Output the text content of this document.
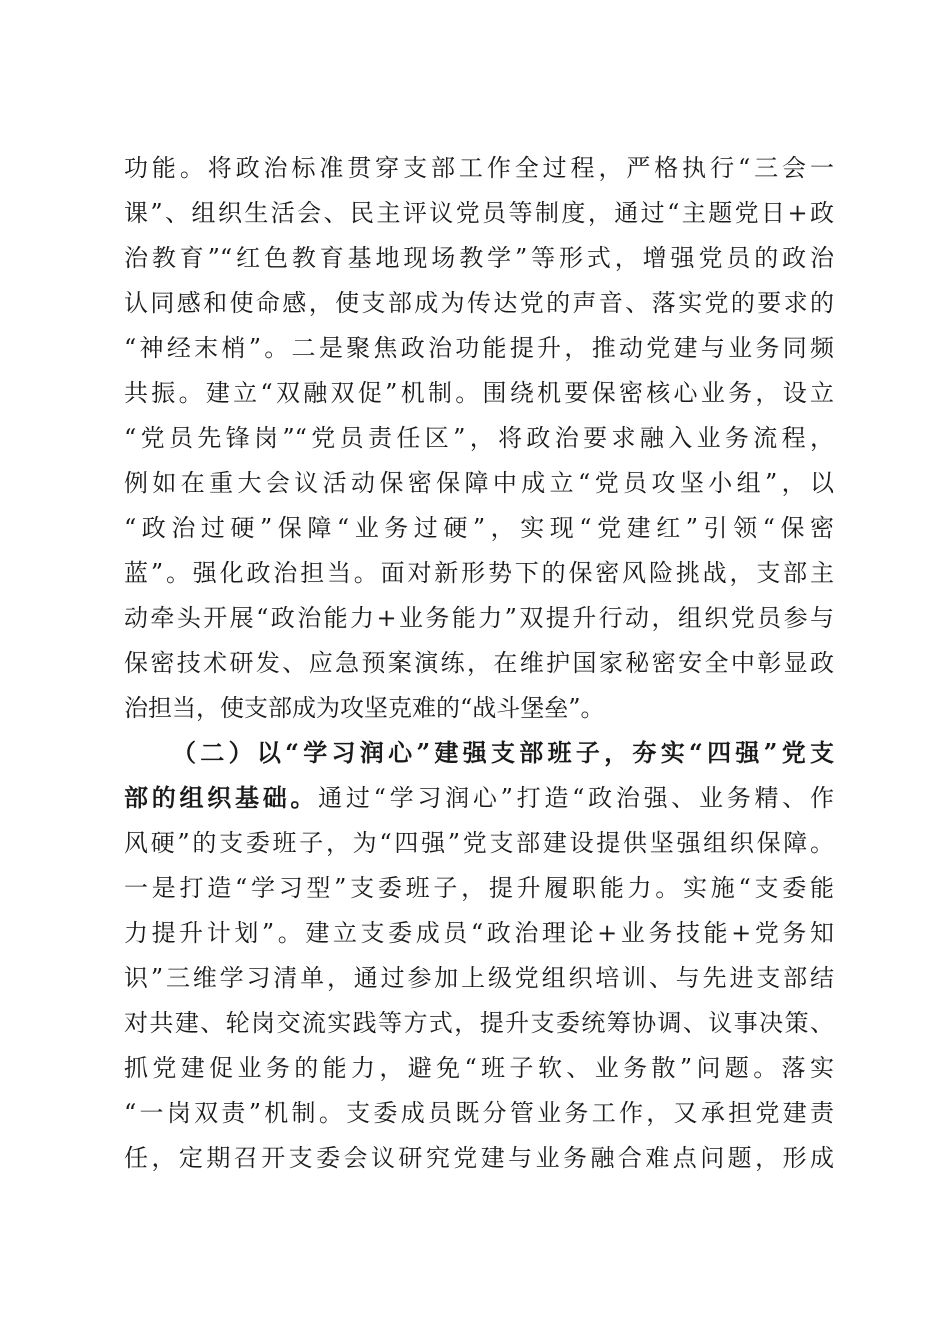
功能。将政治标准贯穿支部工作全过程，严格执行“三会一
课”、组织生活会、民主评议党员等制度，通过“主题党日+政
治教育”“红色教育基地现场教学”等形式，增强党员的政治
认同感和使命感，使支部成为传达党的声音、落实党的要求的
“神经末梢”。二是聚焦政治功能提升，推动党建与业务同频
共振。建立“双融双促”机制。围绕机要保密核心业务，设立
“党员先锋岗”“党员责任区”，将政治要求融入业务流程，
例如在重大会议活动保密保障中成立“党员攻坚小组”，以
“政治过硬”保障“业务过硬”，实现“党建红”引领“保密
蓝”。强化政治担当。面对新形势下的保密风险挑战，支部主
动牵头开展“政治能力+业务能力”双提升行动，组织党员参与
保密技术研发、应急预案演练，在维护国家秘密安全中彰显政
治担当，使支部成为攻坚克难的“战斗堡垒”。
（二）以“学习润心”建强支部班子，夯实“四强”党支
部的组织基础。通过“学习润心”打造“政治强、业务精、作
风硬”的支委班子，为“四强”党支部建设提供坚强组织保障。
一是打造“学习型”支委班子，提升履职能力。实施“支委能
力提升计划”。建立支委成员“政治理论+业务技能+党务知
识”三维学习清单，通过参加上级党组织培训、与先进支部结
对共建、轮岗交流实践等方式，提升支委统筹协调、议事决策、
抓党建促业务的能力，避免“班子软、业务散”问题。落实
“一岗双责”机制。支委成员既分管业务工作，又承担党建责
任，定期召开支委会议研究党建与业务融合难点问题，形成
